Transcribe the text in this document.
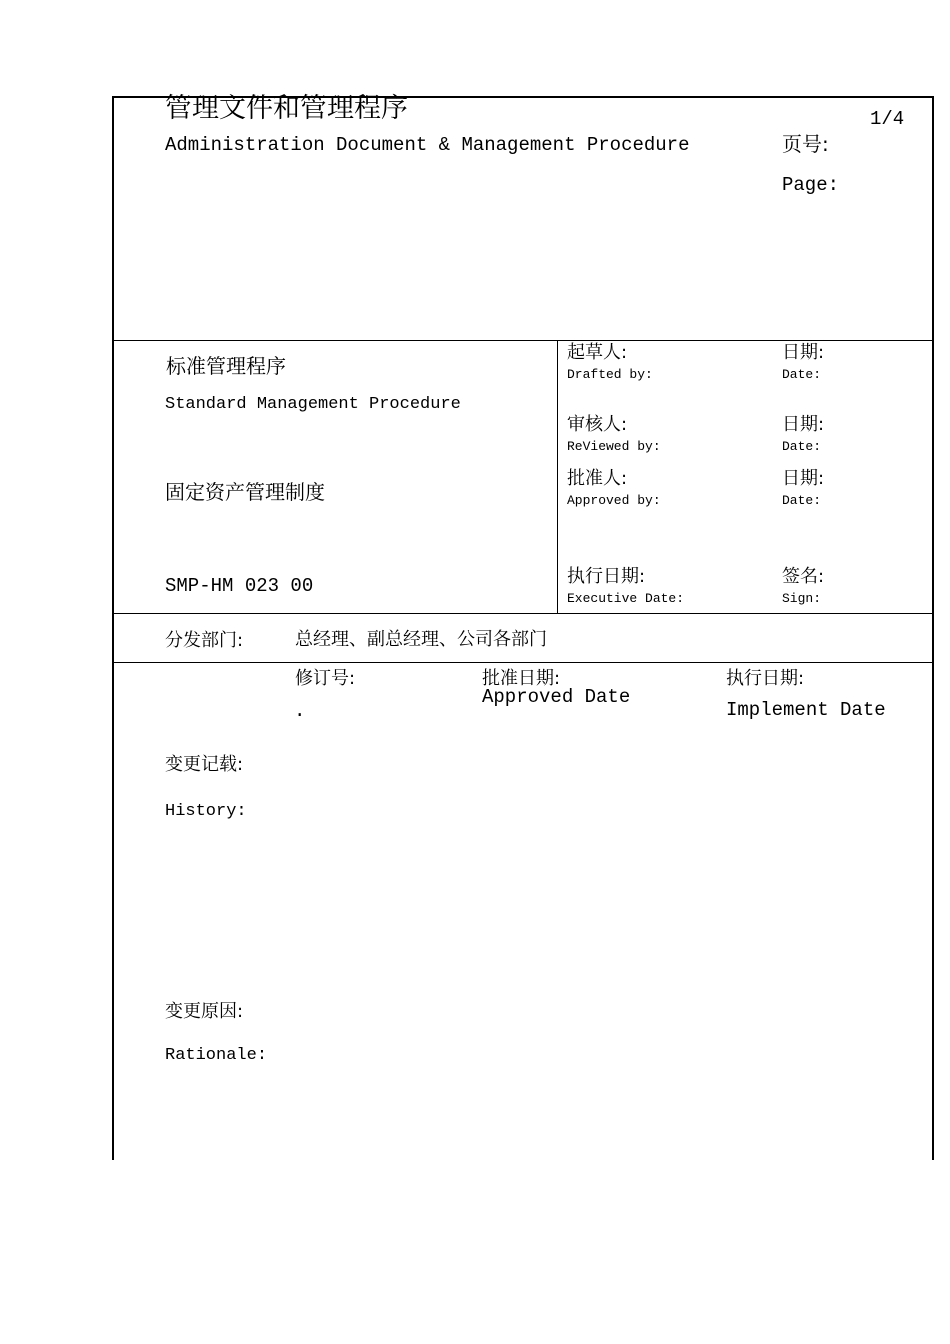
管理文件和管理程序
Administration Document & Management Procedure	页号:
Page:
1/4
标准管理程序
Standard Management Procedure
固定资产管理制度
SMP-HM 023 00
起草人:
Drafted by:
日期:
Date:
审核人:
ReViewed by:
日期:
Date:
批准人:
Approved by:
日期:
Date:
执行日期:
Executive Date:
签名:
Sign:
分发部门:	总经理、副总经理、公司各部门
修订号:
.
批准日期:
Approved Date
执行日期:
Implement Date
变更记载:
History:
变更原因:
Rationale:
